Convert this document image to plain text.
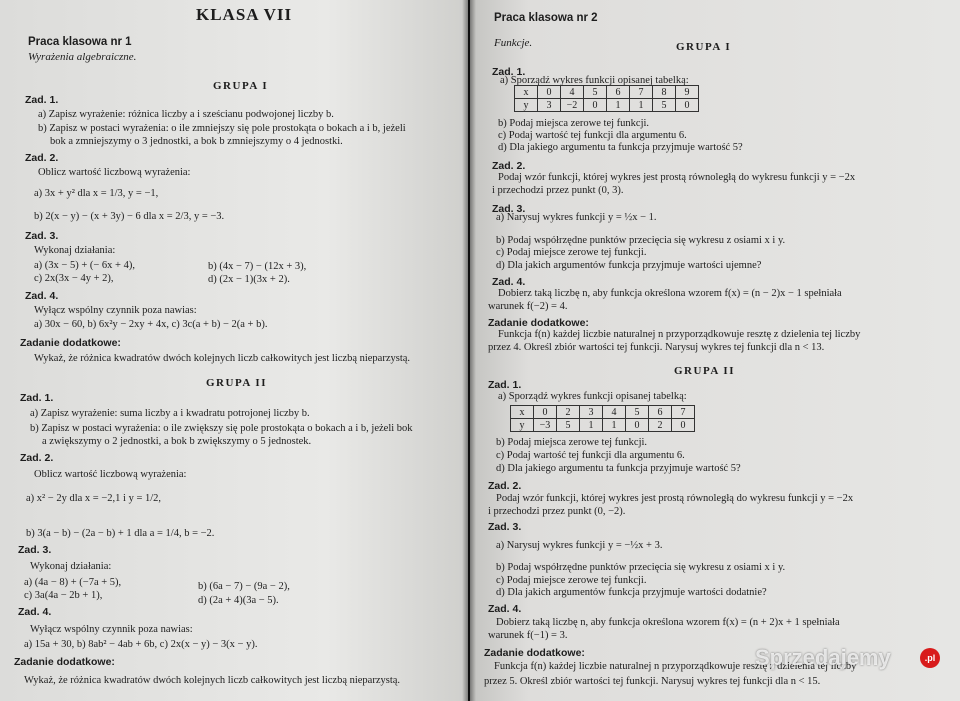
KLASA VII
Praca klasowa nr 1
Wyrażenia algebraiczne.
GRUPA I
Zad. 1.
a) Zapisz wyrażenie: różnica liczby a i sześcianu podwojonej liczby b.
b) Zapisz w postaci wyrażenia: o ile zmniejszy się pole prostokąta o bokach a i b, jeżeli
bok a zmniejszymy o 3 jednostki, a bok b zmniejszymy o 4 jednostki.
Zad. 2.
Oblicz wartość liczbową wyrażenia:
a) 3x + y² dla x = 1/3, y = −1,
b) 2(x − y) − (x + 3y) − 6 dla x = 2/3, y = −3.
Zad. 3.
Wykonaj działania:
a) (3x − 5) + (− 6x + 4),	b) (4x − 7) − (12x + 3),
c) 2x(3x − 4y + 2),	d) (2x − 1)(3x + 2).
Zad. 4.
Wyłącz wspólny czynnik poza nawias:
a) 30x − 60, b) 6x²y − 2xy + 4x, c) 3c(a + b) − 2(a + b).
Zadanie dodatkowe:
Wykaż, że różnica kwadratów dwóch kolejnych liczb całkowitych jest liczbą nieparzystą.
GRUPA II
Zad. 1.
a) Zapisz wyrażenie: suma liczby a i kwadratu potrojonej liczby b.
b) Zapisz w postaci wyrażenia: o ile zwiększy się pole prostokąta o bokach a i b, jeżeli bok
a zwiększymy o 2 jednostki, a bok b zwiększymy o 5 jednostek.
Zad. 2.
Oblicz wartość liczbową wyrażenia:
a) x² − 2y dla x = −2,1 i y = 1/2,
b) 3(a − b) − (2a − b) + 1 dla a = 1/4, b = −2.
Zad. 3.
Wykonaj działania:
a) (4a − 8) + (−7a + 5),	b) (6a − 7) − (9a − 2),
c) 3a(4a − 2b + 1),	d) (2a + 4)(3a − 5).
Zad. 4.
Wyłącz wspólny czynnik poza nawias:
a) 15a + 30, b) 8ab² − 4ab + 6b, c) 2x(x − y) − 3(x − y).
Zadanie dodatkowe:
Wykaż, że różnica kwadratów dwóch kolejnych liczb całkowitych jest liczbą nieparzystą.
Praca klasowa nr 2
Funkcje.	GRUPA I
Zad. 1.
a) Sporządź wykres funkcji opisanej tabelką:
x	0	4	5	6	7	8	9
y	3	−2	0	1	1	5	0
b) Podaj miejsca zerowe tej funkcji.
c) Podaj wartość tej funkcji dla argumentu 6.
d) Dla jakiego argumentu ta funkcja przyjmuje wartość 5?
Zad. 2.
Podaj wzór funkcji, której wykres jest prostą równoległą do wykresu funkcji y = −2x
i przechodzi przez punkt (0, 3).
Zad. 3.
a) Narysuj wykres funkcji y = ½x − 1.
b) Podaj współrzędne punktów przecięcia się wykresu z osiami x i y.
c) Podaj miejsce zerowe tej funkcji.
d) Dla jakich argumentów funkcja przyjmuje wartości ujemne?
Zad. 4.
Dobierz taką liczbę n, aby funkcja określona wzorem f(x) = (n − 2)x − 1 spełniała
warunek f(−2) = 4.
Zadanie dodatkowe:
Funkcja f(n) każdej liczbie naturalnej n przyporządkowuje resztę z dzielenia tej liczby
przez 4. Określ zbiór wartości tej funkcji. Narysuj wykres tej funkcji dla n < 13.
GRUPA II
Zad. 1.
a) Sporządź wykres funkcji opisanej tabelką:
x	0	2	3	4	5	6	7
y	−3	5	1	1	0	2	0
b) Podaj miejsca zerowe tej funkcji.
c) Podaj wartość tej funkcji dla argumentu 6.
d) Dla jakiego argumentu ta funkcja przyjmuje wartość 5?
Zad. 2.
Podaj wzór funkcji, której wykres jest prostą równoległą do wykresu funkcji y = −2x
i przechodzi przez punkt (0, −2).
Zad. 3.
a) Narysuj wykres funkcji y = −½x + 3.
b) Podaj współrzędne punktów przecięcia się wykresu z osiami x i y.
c) Podaj miejsce zerowe tej funkcji.
d) Dla jakich argumentów funkcja przyjmuje wartości dodatnie?
Zad. 4.
Dobierz taką liczbę n, aby funkcja określona wzorem f(x) = (n + 2)x + 1 spełniała
warunek f(−1) = 3.
Zadanie dodatkowe:
Funkcja f(n) każdej liczbie naturalnej n przyporządkowuje resztę z dzielenia tej liczby
przez 5. Określ zbiór wartości tej funkcji. Narysuj wykres tej funkcji dla n < 15.
Sprzedajemy	.pl
